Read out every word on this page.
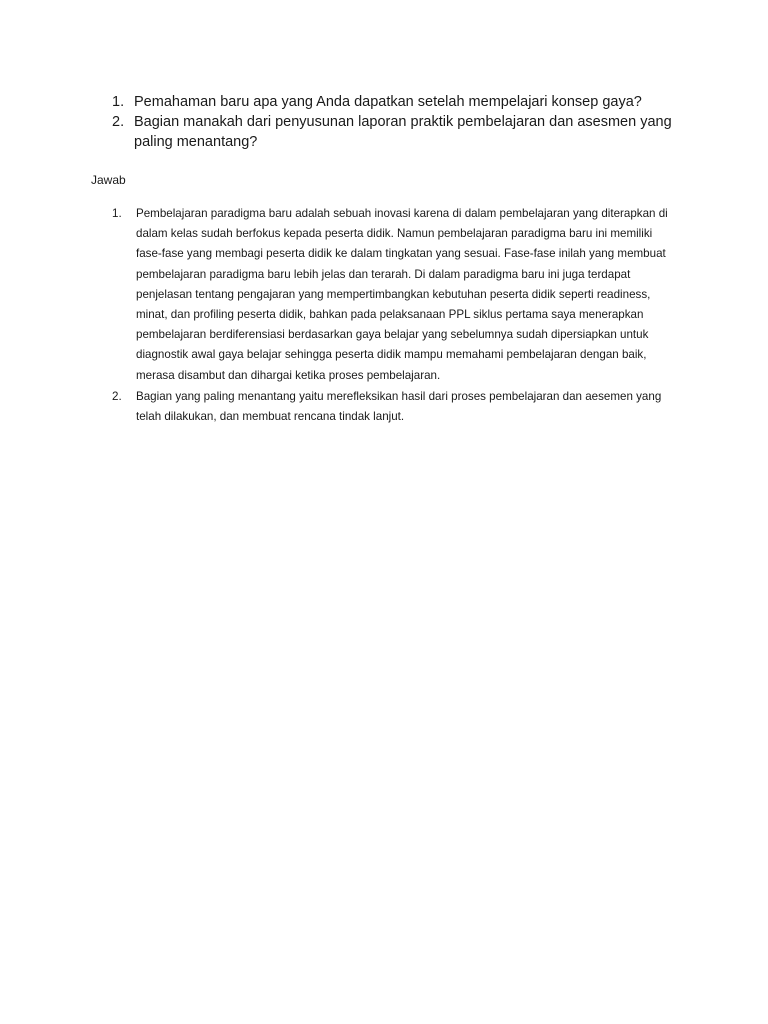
1. Pemahaman baru apa yang Anda dapatkan setelah mempelajari konsep gaya?
2. Bagian manakah dari penyusunan laporan praktik pembelajaran dan asesmen yang paling menantang?
Jawab
1. Pembelajaran paradigma baru adalah sebuah inovasi karena di dalam pembelajaran yang diterapkan di dalam kelas sudah berfokus kepada peserta didik. Namun pembelajaran paradigma baru ini memiliki fase-fase yang membagi peserta didik ke dalam tingkatan yang sesuai. Fase-fase inilah yang membuat pembelajaran paradigma baru lebih jelas dan terarah. Di dalam paradigma baru ini juga terdapat penjelasan tentang pengajaran yang mempertimbangkan kebutuhan peserta didik seperti readiness, minat, dan profiling peserta didik, bahkan pada pelaksanaan PPL siklus pertama saya menerapkan pembelajaran berdiferensiasi berdasarkan gaya belajar yang sebelumnya sudah dipersiapkan untuk diagnostik awal gaya belajar sehingga peserta didik mampu memahami pembelajaran dengan baik, merasa disambut dan dihargai ketika proses pembelajaran.
2. Bagian yang paling menantang yaitu merefleksikan hasil dari proses pembelajaran dan aesemen yang telah dilakukan, dan membuat rencana tindak lanjut.
